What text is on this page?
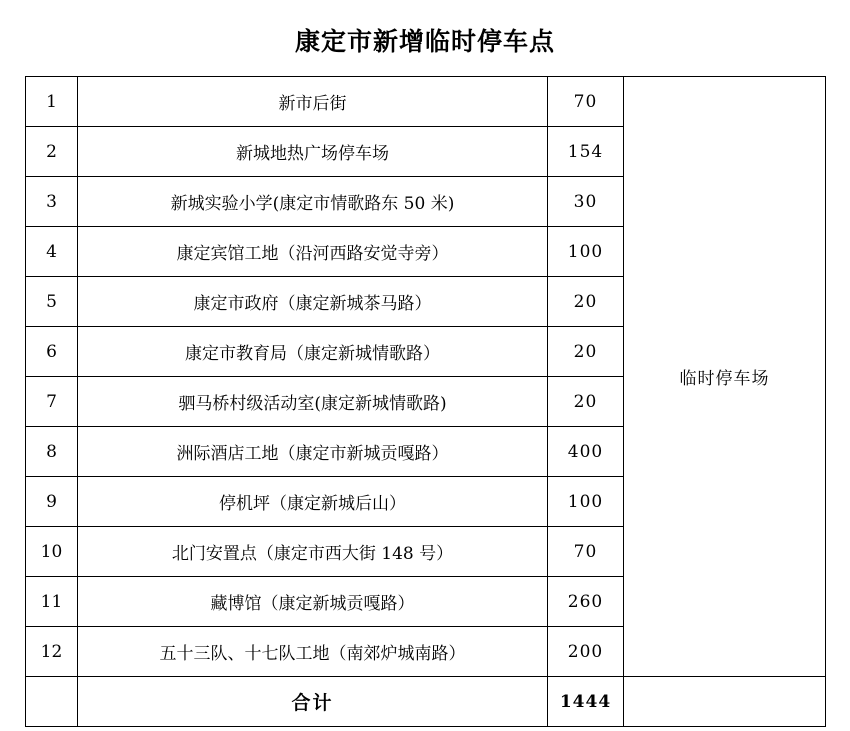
康定市新增临时停车点
1	新市后街	70	临时停车场
2	新城地热广场停车场	154	
3	新城实验小学(康定市情歌路东 50 米)	30	
4	康定宾馆工地（沿河西路安觉寺旁）	100	
5	康定市政府（康定新城茶马路）	20	
6	康定市教育局（康定新城情歌路）	20	
7	驷马桥村级活动室(康定新城情歌路)	20	
8	洲际酒店工地（康定市新城贡嘎路）	400	
9	停机坪（康定新城后山）	100	
10	北门安置点（康定市西大街 148 号）	70	
11	藏博馆（康定新城贡嘎路）	260	
12	五十三队、十七队工地（南郊炉城南路）	200	
	合计	1444	
